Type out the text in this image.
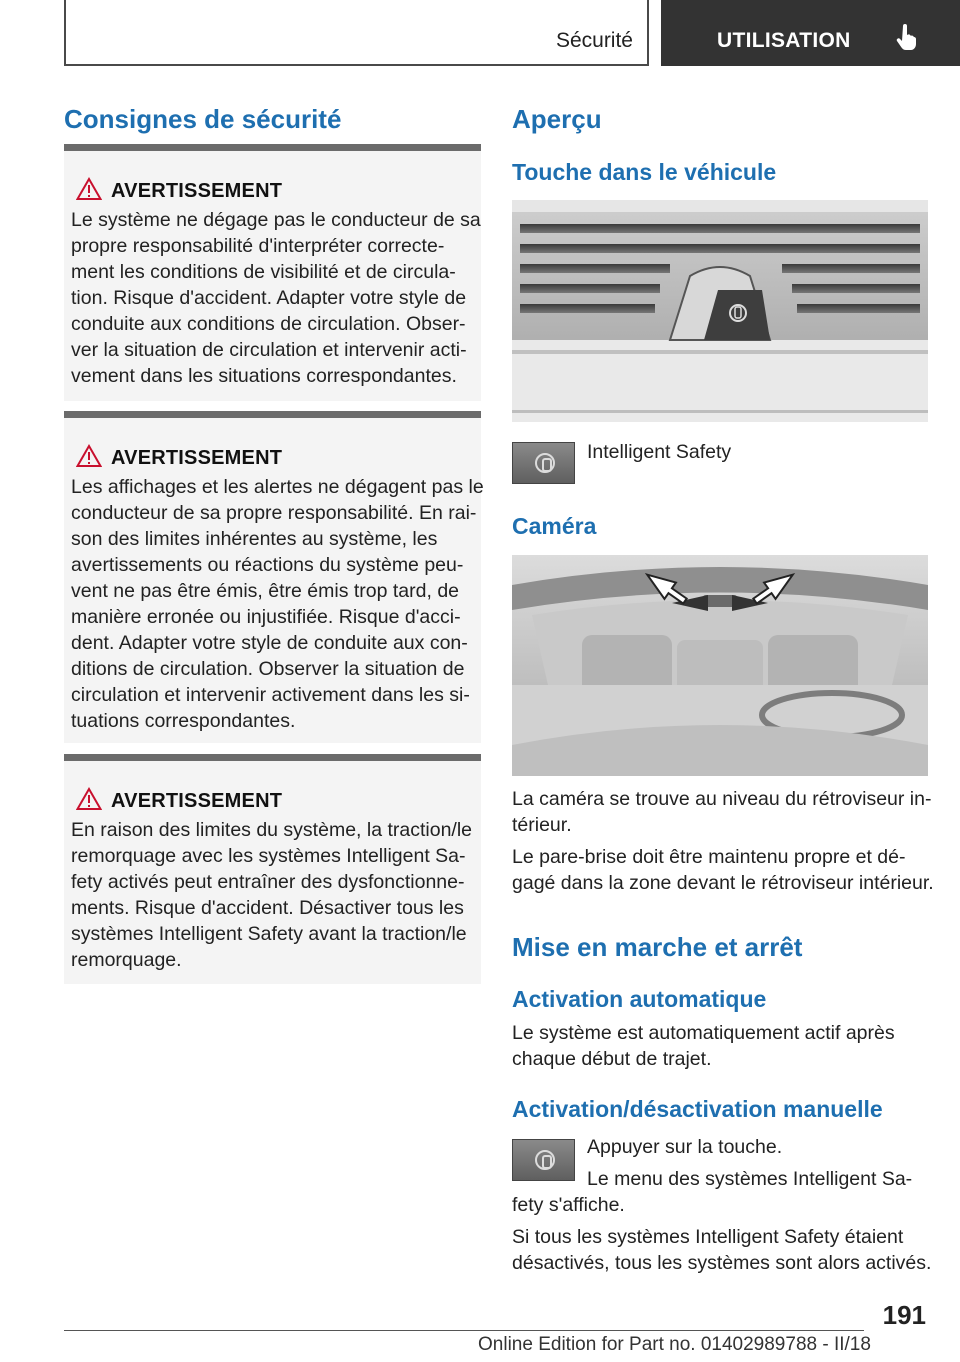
Sécurité	UTILISATION
Consignes de sécurité
AVERTISSEMENT
Le système ne dégage pas le conducteur de sa
propre responsabilité d'interpréter correcte-
ment les conditions de visibilité et de circula-
tion. Risque d'accident. Adapter votre style de
conduite aux conditions de circulation. Obser-
ver la situation de circulation et intervenir acti-
vement dans les situations correspondantes.
AVERTISSEMENT
Les affichages et les alertes ne dégagent pas le
conducteur de sa propre responsabilité. En rai-
son des limites inhérentes au système, les
avertissements ou réactions du système peu-
vent ne pas être émis, être émis trop tard, de
manière erronée ou injustifiée. Risque d'acci-
dent. Adapter votre style de conduite aux con-
ditions de circulation. Observer la situation de
circulation et intervenir activement dans les si-
tuations correspondantes.
AVERTISSEMENT
En raison des limites du système, la traction/le
remorquage avec les systèmes Intelligent Sa-
fety activés peut entraîner des dysfonctionne-
ments. Risque d'accident. Désactiver tous les
systèmes Intelligent Safety avant la traction/le
remorquage.
Aperçu
Touche dans le véhicule
Intelligent Safety
Caméra
La caméra se trouve au niveau du rétroviseur in-
térieur.
Le pare-brise doit être maintenu propre et dé-
gagé dans la zone devant le rétroviseur intérieur.
Mise en marche et arrêt
Activation automatique
Le système est automatiquement actif après
chaque début de trajet.
Activation/désactivation manuelle
Appuyer sur la touche.
Le menu des systèmes Intelligent Sa-
fety s'affiche.
Si tous les systèmes Intelligent Safety étaient
désactivés, tous les systèmes sont alors activés.
191
Online Edition for Part no. 01402989788 - II/18
